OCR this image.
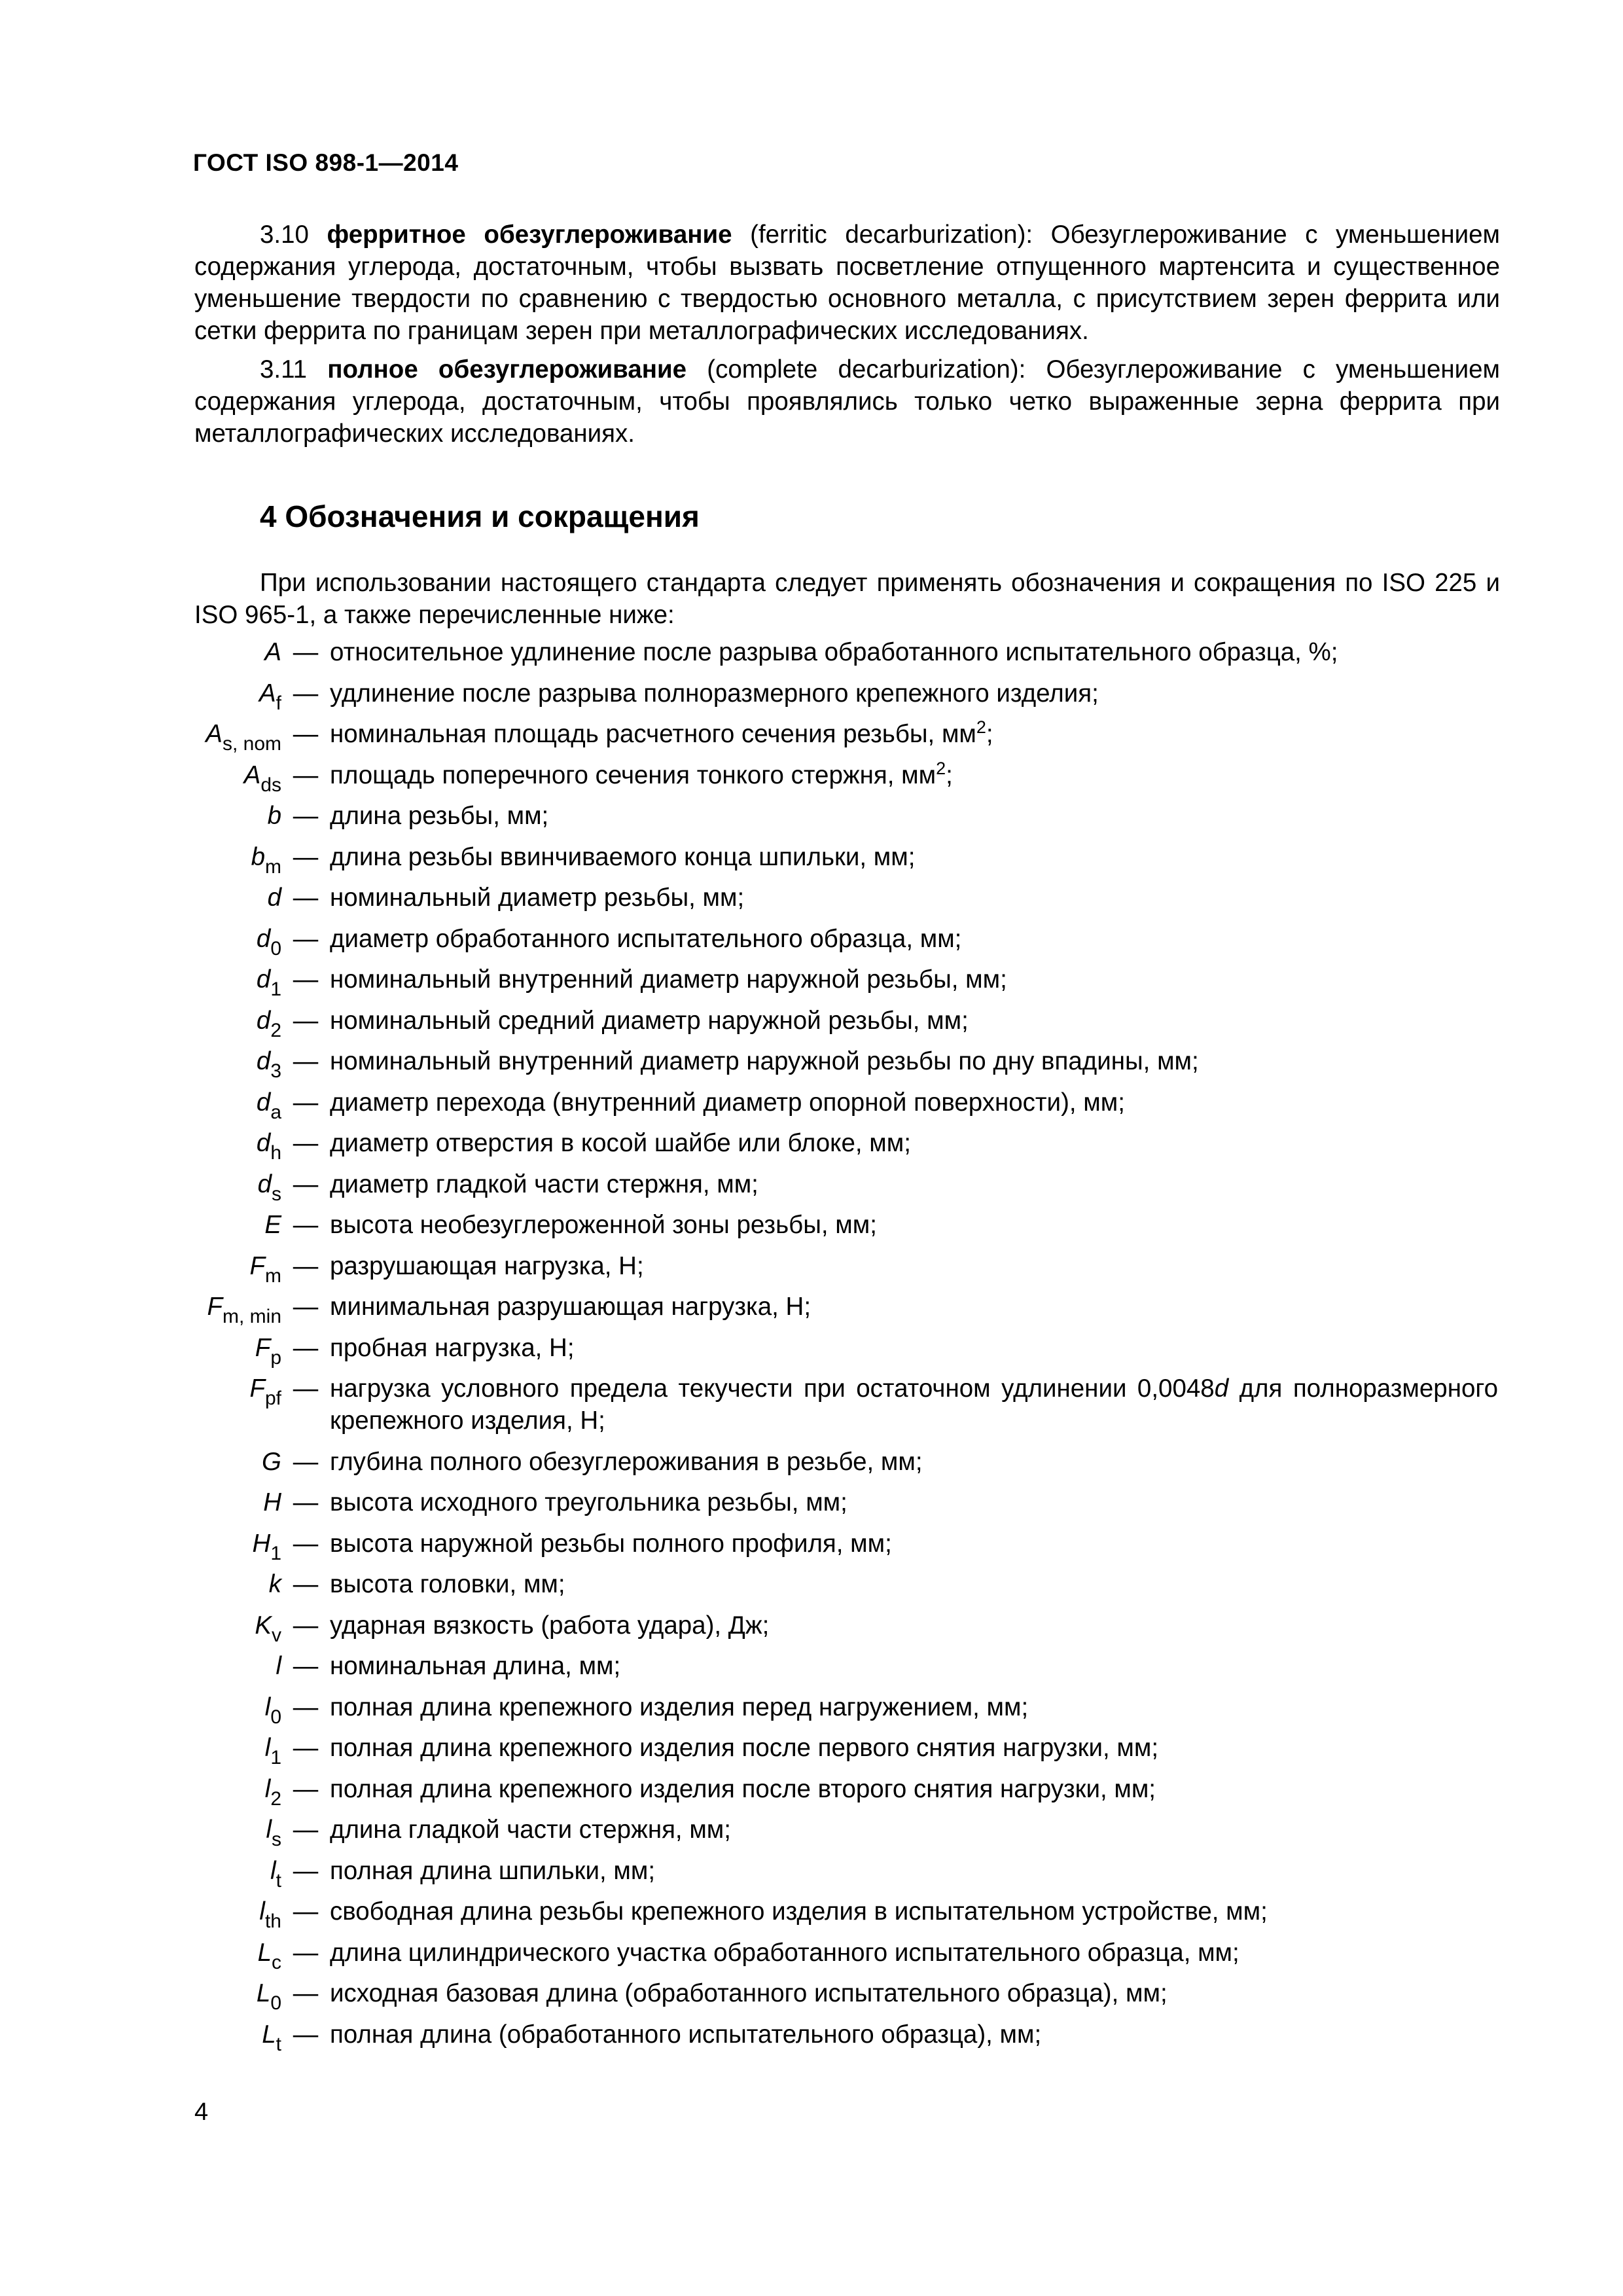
ГОСТ ISO 898-1—2014
3.10 ферритное обезуглероживание (ferritic decarburization): Обезуглероживание с уменьшением содержания углерода, достаточным, чтобы вызвать посветление отпущенного мартенсита и существенное уменьшение твердости по сравнению с твердостью основного металла, с присутствием зерен феррита или сетки феррита по границам зерен при металлографических исследованиях.
3.11 полное обезуглероживание (complete decarburization): Обезуглероживание с уменьшением содержания углерода, достаточным, чтобы проявлялись только четко выраженные зерна феррита при металлографических исследованиях.
4 Обозначения и сокращения
При использовании настоящего стандарта следует применять обозначения и сокращения по ISO 225 и ISO 965-1, а также перечисленные ниже:
A — относительное удлинение после разрыва обработанного испытательного образца, %;
$A_f$ — удлинение после разрыва полноразмерного крепежного изделия;
$A_{s, nom}$ — номинальная площадь расчетного сечения резьбы, $мм^2$;
$A_{ds}$ — площадь поперечного сечения тонкого стержня, $мм^2$;
b — длина резьбы, мм;
$b_m$ — длина резьбы ввинчиваемого конца шпильки, мм;
d — номинальный диаметр резьбы, мм;
$d_0$ — диаметр обработанного испытательного образца, мм;
$d_1$ — номинальный внутренний диаметр наружной резьбы, мм;
$d_2$ — номинальный средний диаметр наружной резьбы, мм;
$d_3$ — номинальный внутренний диаметр наружной резьбы по дну впадины, мм;
$d_a$ — диаметр перехода (внутренний диаметр опорной поверхности), мм;
$d_h$ — диаметр отверстия в косой шайбе или блоке, мм;
$d_s$ — диаметр гладкой части стержня, мм;
E — высота необезуглероженной зоны резьбы, мм;
$F_m$ — разрушающая нагрузка, Н;
$F_{m, min}$ — минимальная разрушающая нагрузка, Н;
$F_p$ — пробная нагрузка, Н;
$F_{pf}$ — нагрузка условного предела текучести при остаточном удлинении 0,0048d для полноразмерного крепежного изделия, Н;
G — глубина полного обезуглероживания в резьбе, мм;
H — высота исходного треугольника резьбы, мм;
$H_1$ — высота наружной резьбы полного профиля, мм;
k — высота головки, мм;
$K_v$ — ударная вязкость (работа удара), Дж;
l — номинальная длина, мм;
$l_0$ — полная длина крепежного изделия перед нагружением, мм;
$l_1$ — полная длина крепежного изделия после первого снятия нагрузки, мм;
$l_2$ — полная длина крепежного изделия после второго снятия нагрузки, мм;
$l_s$ — длина гладкой части стержня, мм;
$l_t$ — полная длина шпильки, мм;
$l_{th}$ — свободная длина резьбы крепежного изделия в испытательном устройстве, мм;
$L_c$ — длина цилиндрического участка обработанного испытательного образца, мм;
$L_0$ — исходная базовая длина (обработанного испытательного образца), мм;
$L_t$ — полная длина (обработанного испытательного образца), мм;
4
